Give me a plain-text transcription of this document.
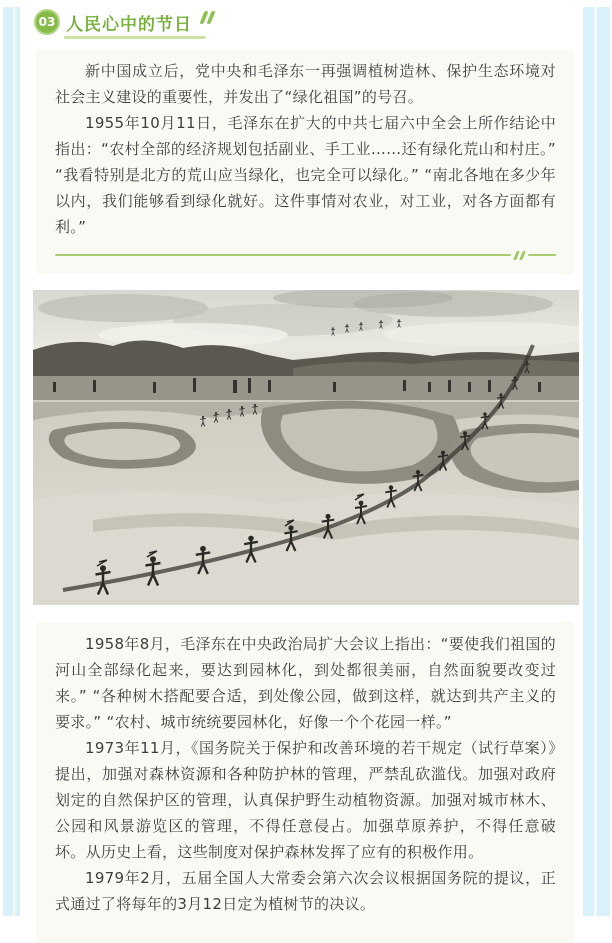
03 人民心中的节日

新中国成立后，党中央和毛泽东一再强调植树造林、保护生态环境对社会主义建设的重要性，并发出了“绿化祖国”的号召。

1955年10月11日，毛泽东在扩大的中共七届六中全会上所作结论中指出：“农村全部的经济规划包括副业、手工业……还有绿化荒山和村庄。” “我看特别是北方的荒山应当绿化，也完全可以绿化。” “南北各地在多少年以内，我们能够看到绿化就好。这件事情对农业，对工业，对各方面都有利。”

1958年8月，毛泽东在中央政治局扩大会议上指出：“要使我们祖国的河山全部绿化起来，要达到园林化，到处都很美丽，自然面貌要改变过来。” “各种树木搭配要合适，到处像公园，做到这样，就达到共产主义的要求。” “农村、城市统统要园林化，好像一个个花园一样。”

1973年11月，《国务院关于保护和改善环境的若干规定（试行草案）》提出，加强对森林资源和各种防护林的管理，严禁乱砍滥伐。加强对政府划定的自然保护区的管理，认真保护野生动植物资源。加强对城市林木、公园和风景游览区的管理，不得任意侵占。加强草原养护，不得任意破坏。从历史上看，这些制度对保护森林发挥了应有的积极作用。

1979年2月，五届全国人大常委会第六次会议根据国务院的提议，正式通过了将每年的3月12日定为植树节的决议。
